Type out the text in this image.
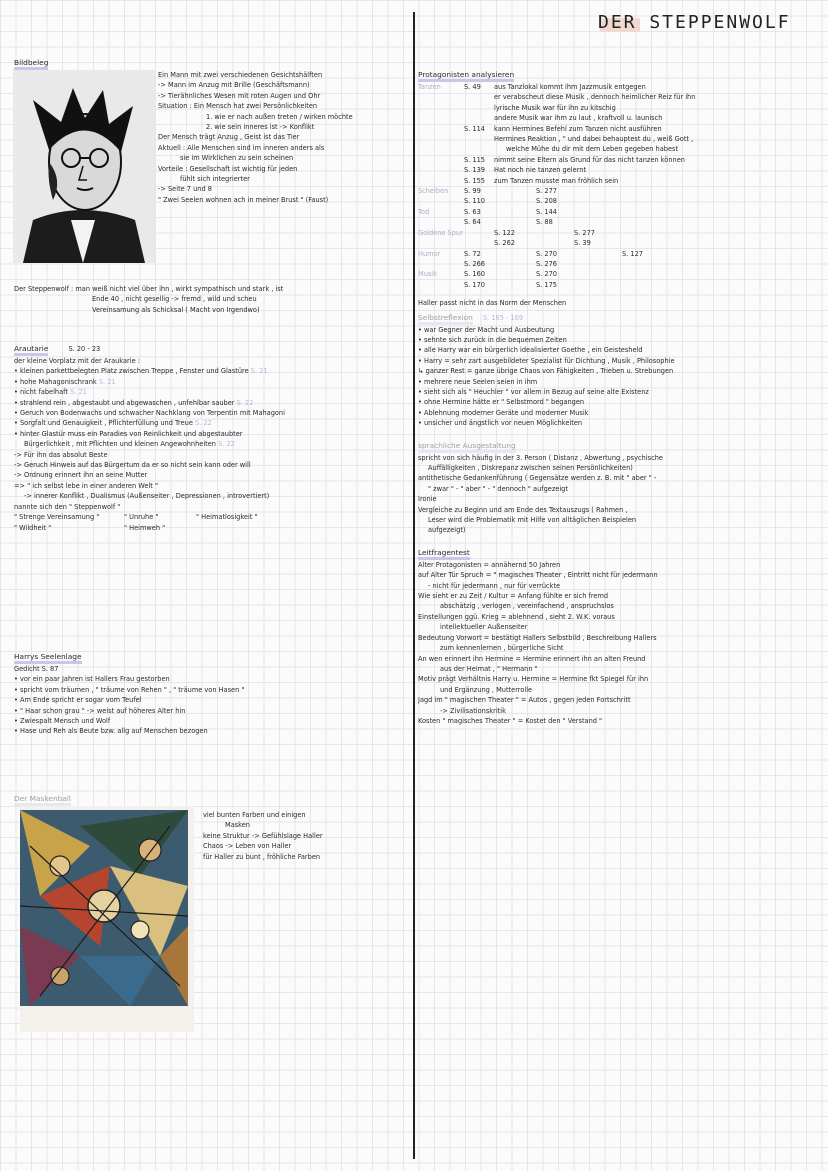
DER STEPPENWOLF
Bildbeleg
Ein Mann mit zwei verschiedenen Gesichtshälften
-> Mann im Anzug mit Brille (Geschäftsmann)
-> Tierähnliches Wesen mit roten Augen und Ohr
Situation : Ein Mensch hat zwei Persönlichkeiten
1. wie er nach außen treten / wirken möchte
2. wie sein inneres ist -> Konflikt
Der Mensch trägt Anzug , Geist ist das Tier
Aktuell : Alle Menschen sind im inneren anders als
sie im Wirklichen zu sein scheinen
Vorteile : Gesellschaft ist wichtig für jeden
fühlt sich integrierter
-> Seite 7 und 8
" Zwei Seelen wohnen ach in meiner Brust " (Faust)
Der Steppenwolf : man weiß nicht viel über ihn , wirkt sympathisch und stark , ist
Ende 40 , nicht gesellig -> fremd , wild und scheu
Vereinsamung als Schicksal ( Macht von Irgendwo)
Arautarie	S. 20 - 23
der kleine Vorplatz mit der Araukarie :
• kleinen parkettbelegten Platz zwischen Treppe , Fenster und Glastüre S. 21
• hohe Mahagonischrank S. 21
• nicht fabelhaft S. 21
• strahlend rein , abgestaubt und abgewaschen , unfehlbar sauber S. 22
• Geruch von Bodenwachs und schwacher Nachklang von Terpentin mit Mahagoni
• Sorgfalt und Genauigkeit , Pflichterfüllung und Treue S. 22
• hinter Glastür muss ein Paradies von Reinlichkeit und abgestaubter
Bürgerlichkeit , mit Pflichten und kleinen Angewohnheiten S. 22
-> Für ihn das absolut Beste
-> Geruch Hinweis auf das Bürgertum da er so nicht sein kann oder will
-> Ordnung erinnert ihn an seine Mutter
=> " ich selbst lebe in einer anderen Welt "
-> innerer Konflikt , Dualismus (Außenseiter , Depressionen , introvertiert)
nannte sich den " Steppenwolf "
" Strenge Vereinsamung "	" Unruhe "	" Heimatlosigkeit "
" Wildheit "	" Heimweh "
Harrys Seelenlage
Gedicht S. 87
• vor ein paar Jahren ist Hallers Frau gestorben
• spricht vom träumen , " träume von Rehen " , " träume von Hasen "
• Am Ende spricht er sogar vom Teufel
• " Haar schon grau " -> weist auf höheres Alter hin
• Zwiespalt Mensch und Wolf
• Hase und Reh als Beute bzw. allg auf Menschen bezogen
Der Maskenball
viel bunten Farben und einigen
Masken
keine Struktur -> Gefühlslage Haller
Chaos -> Leben von Haller
für Haller zu bunt , fröhliche Farben
Protagonisten analysieren
Tanzen	S. 49	aus Tanzlokal kommt ihm Jazzmusik entgegen
er verabscheut diese Musik , dennoch heimlicher Reiz für ihn
lyrische Musik war für ihn zu kitschig
andere Musik war ihm zu laut , kraftvoll u. launisch
S. 114	kann Hermines Befehl zum Tanzen nicht ausführen
Hermines Reaktion , " und dabei behauptest du , weiß Gott ,
welche Mühe du dir mit dem Leben gegeben habest
S. 115	nimmt seine Eltern als Grund für das nicht tanzen können
S. 139	Hat noch nie tanzen gelernt
S. 155	zum Tanzen musste man fröhlich sein
Scheiben	S. 99	S. 277
S. 110	S. 208
Tod	S. 63	S. 144
S. 64	S. 88
Goldene Spur	S. 122	S. 277
S. 262	S. 39
Humor	S. 72	S. 270	S. 127
S. 266	S. 276
Musik	S. 160	S. 270
S. 170	S. 175
Haller passt nicht in das Norm der Menschen
Selbstreflexion S. 165 - 169
• war Gegner der Macht und Ausbeutung
• sehnte sich zurück in die bequemen Zeiten
• alle Harry war ein bürgerlich idealisierter Goethe , ein Geistesheld
• Harry = sehr zart ausgebildeter Spezialist für Dichtung , Musik , Philosophie
↳ ganzer Rest = ganze übrige Chaos von Fähigkeiten , Trieben u. Strebungen
• mehrere neue Seelen seien in ihm
• sieht sich als " Heuchler " vor allem in Bezug auf seine alte Existenz
• ohne Hermine hätte er " Selbstmord " begangen
• Ablehnung moderner Geräte und moderner Musik
• unsicher und ängstlich vor neuen Möglichkeiten
sprachliche Ausgestaltung
spricht von sich häufig in der 3. Person ( Distanz , Abwertung , psychische
Auffälligkeiten , Diskrepanz zwischen seinen Persönlichkeiten)
antithetische Gedankenführung ( Gegensätze werden z. B. mit " aber " -
" zwar " - " aber " - " dennoch " aufgezeigt
Ironie
Vergleiche zu Beginn und am Ende des Textauszugs ( Rahmen ,
Leser wird die Problematik mit Hilfe von alltäglichen Beispielen
aufgezeigt)
Leitfragentest
Alter Protagonisten = annähernd 50 Jahren
auf Alter Tür Spruch = " magisches Theater , Eintritt nicht für jedermann
- nicht für jedermann , nur für verrückte
Wie sieht er zu Zeit / Kultur = Anfang fühlte er sich fremd
abschätzig , verlogen , vereinfachend , anspruchslos
Einstellungen ggü. Krieg = ablehnend , sieht 2. W.K. voraus
intellektueller Außenseiter
Bedeutung Vorwort = bestätigt Hallers Selbstbild , Beschreibung Hallers
zum kennenlernen , bürgerliche Sicht
An wen erinnert ihn Hermine = Hermine erinnert ihn an alten Freund
aus der Heimat , " Hermann "
Motiv prägt Verhältnis Harry u. Hermine = Hermine fkt Spiegel für ihn
und Ergänzung , Mutterrolle
Jagd im " magischen Theater " = Autos , gegen jeden Fortschritt
-> Zivilisationskritik
Kosten " magisches Theater " = Kostet den " Verstand "
